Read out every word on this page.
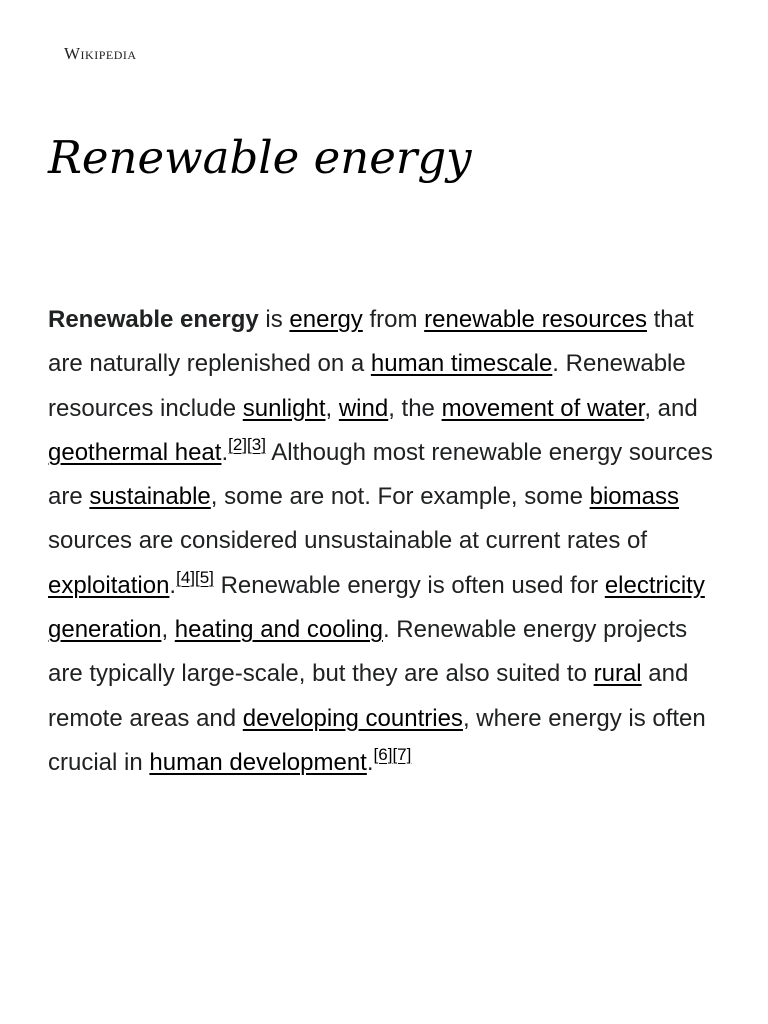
Wikipedia
Renewable energy

Renewable energy is energy from renewable resources that are naturally replenished on a human timescale. Renewable resources include sunlight, wind, the movement of water, and geothermal heat.[2][3] Although most renewable energy sources are sustainable, some are not. For example, some biomass sources are considered unsustainable at current rates of exploitation.[4][5] Renewable energy is often used for electricity generation, heating and cooling. Renewable energy projects are typically large-scale, but they are also suited to rural and remote areas and developing countries, where energy is often crucial in human development.[6][7]
